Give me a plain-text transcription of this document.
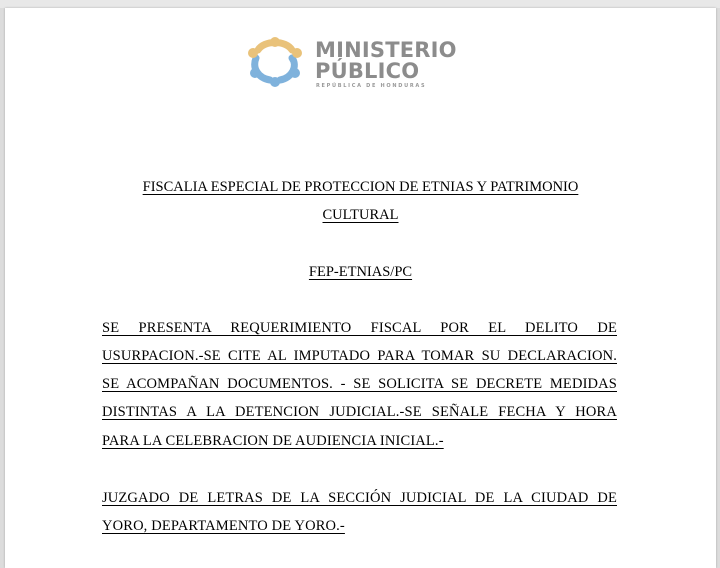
MINISTERIO
PÚBLICO
REPÚBLICA DE HONDURAS
FISCALIA ESPECIAL DE PROTECCION DE ETNIAS Y PATRIMONIO
CULTURAL
FEP-ETNIAS/PC
SE PRESENTA REQUERIMIENTO FISCAL POR EL DELITO DE
USURPACION.-SE CITE AL IMPUTADO PARA TOMAR SU DECLARACION.
SE ACOMPAÑAN DOCUMENTOS. - SE SOLICITA SE DECRETE MEDIDAS
DISTINTAS A LA DETENCION JUDICIAL.-SE SEÑALE FECHA Y HORA
PARA LA CELEBRACION DE AUDIENCIA INICIAL.-
JUZGADO DE LETRAS DE LA SECCIÓN JUDICIAL DE LA CIUDAD DE
YORO, DEPARTAMENTO DE YORO.-
